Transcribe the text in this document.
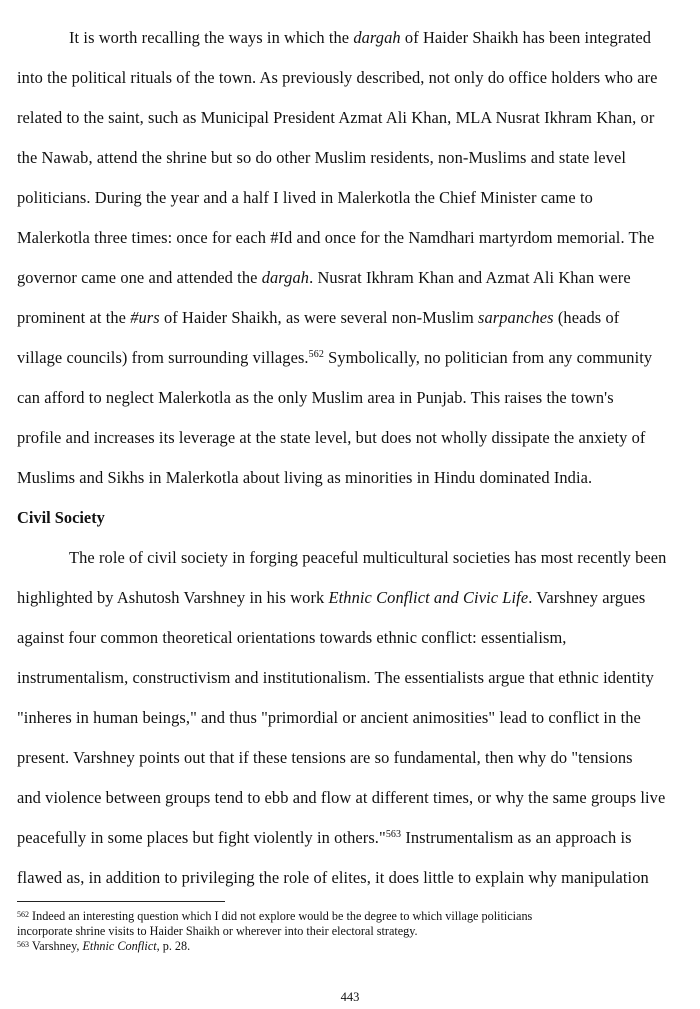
It is worth recalling the ways in which the dargah of Haider Shaikh has been integrated
into the political rituals of the town. As previously described, not only do office holders who are
related to the saint, such as Municipal President Azmat Ali Khan, MLA Nusrat Ikhram Khan, or
the Nawab, attend the shrine but so do other Muslim residents, non-Muslims and state level
politicians. During the year and a half I lived in Malerkotla the Chief Minister came to
Malerkotla three times: once for each #Id and once for the Namdhari martyrdom memorial. The
governor came one and attended the dargah. Nusrat Ikhram Khan and Azmat Ali Khan were
prominent at the #urs of Haider Shaikh, as were several non-Muslim sarpanches (heads of
village councils) from surrounding villages.$^{562}$ Symbolically, no politician from any community
can afford to neglect Malerkotla as the only Muslim area in Punjab. This raises the town's
profile and increases its leverage at the state level, but does not wholly dissipate the anxiety of
Muslims and Sikhs in Malerkotla about living as minorities in Hindu dominated India.
Civil Society
The role of civil society in forging peaceful multicultural societies has most recently been
highlighted by Ashutosh Varshney in his work Ethnic Conflict and Civic Life. Varshney argues
against four common theoretical orientations towards ethnic conflict: essentialism,
instrumentalism, constructivism and institutionalism. The essentialists argue that ethnic identity
"inheres in human beings," and thus "primordial or ancient animosities" lead to conflict in the
present. Varshney points out that if these tensions are so fundamental, then why do "tensions
and violence between groups tend to ebb and flow at different times, or why the same groups live
peacefully in some places but fight violently in others."$^{563}$ Instrumentalism as an approach is
flawed as, in addition to privileging the role of elites, it does little to explain why manipulation
$^{562}$ Indeed an interesting question which I did not explore would be the degree to which village politicians
incorporate shrine visits to Haider Shaikh or wherever into their electoral strategy.
$^{563}$ Varshney, Ethnic Conflict, p. 28.
443
